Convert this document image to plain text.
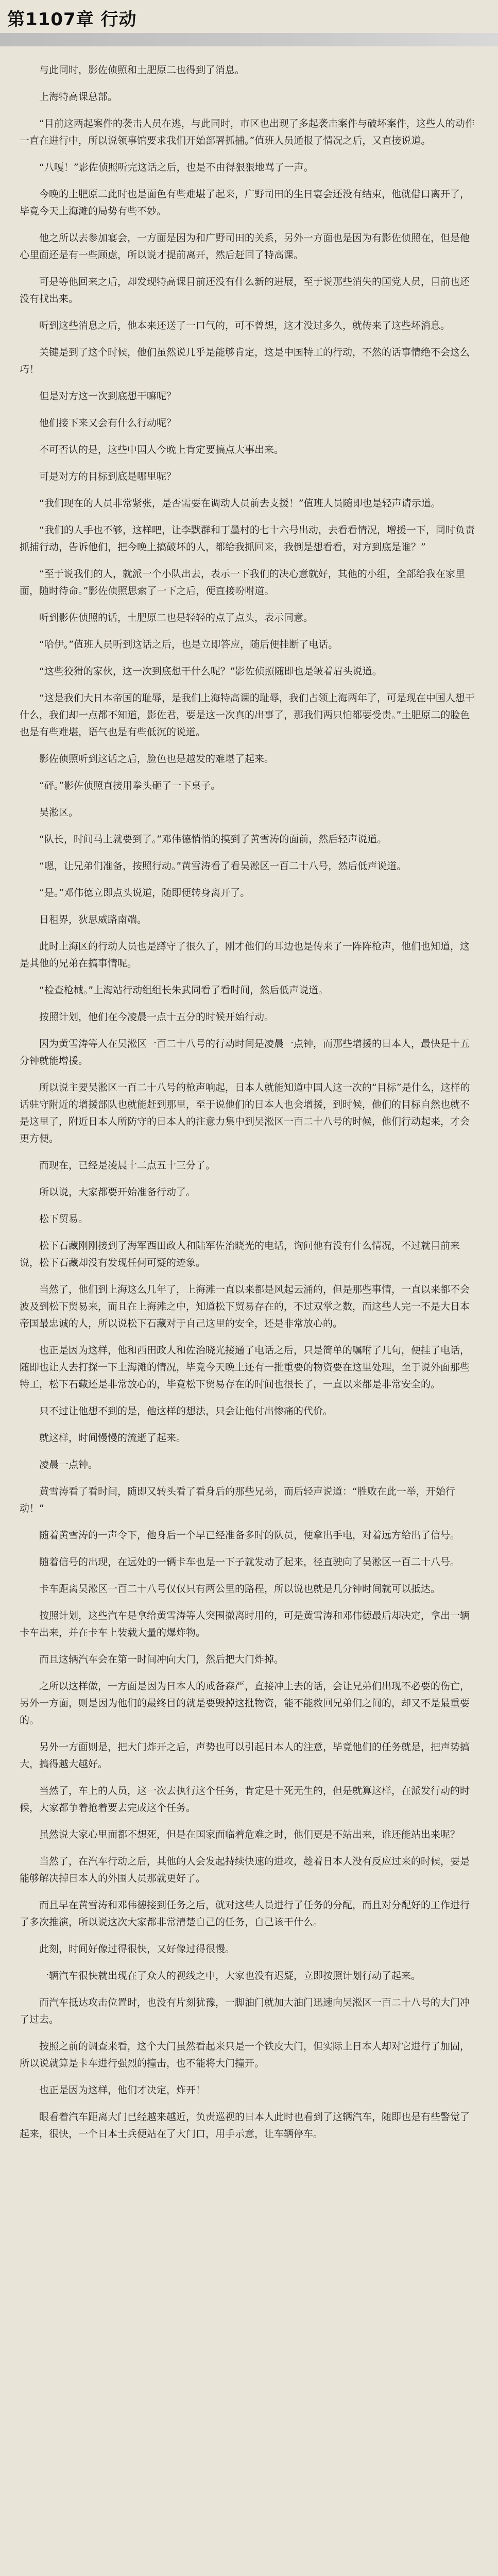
第1107章 行动

与此同时，影佐侦照和土肥原二也得到了消息。

上海特高课总部。

“目前这两起案件的袭击人员在逃，与此同时，市区也出现了多起袭击案件与破坏案件，这些人的动作一直在进行中，所以说领事馆要求我们开始部署抓捕。”值班人员通报了情况之后，又直接说道。

“八嘎！”影佐侦照听完这话之后，也是不由得狠狠地骂了一声。

今晚的土肥原二此时也是面色有些难堪了起来，广野司田的生日宴会还没有结束，他就借口离开了，毕竟今天上海滩的局势有些不妙。

他之所以去参加宴会，一方面是因为和广野司田的关系，另外一方面也是因为有影佐侦照在，但是他心里面还是有一些顾虑，所以说才提前离开，然后赶回了特高课。

可是等他回来之后，却发现特高课目前还没有什么新的进展，至于说那些消失的国党人员，目前也还没有找出来。

听到这些消息之后，他本来还送了一口气的，可不曾想，这才没过多久，就传来了这些坏消息。

关键是到了这个时候，他们虽然说几乎是能够肯定，这是中国特工的行动，不然的话事情绝不会这么巧！

但是对方这一次到底想干嘛呢？

他们接下来又会有什么行动呢？

不可否认的是，这些中国人今晚上肯定要搞点大事出来。

可是对方的目标到底是哪里呢？

“我们现在的人员非常紧张，是否需要在调动人员前去支援！”值班人员随即也是轻声请示道。

“我们的人手也不够，这样吧，让李默群和丁墨村的七十六号出动，去看看情况，增援一下，同时负责抓捕行动，告诉他们，把今晚上搞破坏的人，都给我抓回来，我倒是想看看，对方到底是谁？”

“至于说我们的人，就派一个小队出去，表示一下我们的决心意就好，其他的小组，全部给我在家里面，随时待命。”影佐侦照思索了一下之后，便直接吩咐道。

听到影佐侦照的话，土肥原二也是轻轻的点了点头，表示同意。

“哈伊。”值班人员听到这话之后，也是立即答应，随后便挂断了电话。

“这些狡猾的家伙，这一次到底想干什么呢？”影佐侦照随即也是皱着眉头说道。

“这是我们大日本帝国的耻辱，是我们上海特高课的耻辱，我们占领上海两年了，可是现在中国人想干什么，我们却一点都不知道，影佐君，要是这一次真的出事了，那我们两只怕都要受责。”土肥原二的脸色也是有些难堪，语气也是有些低沉的说道。

影佐侦照听到这话之后，脸色也是越发的难堪了起来。

“砰。”影佐侦照直接用拳头砸了一下桌子。

吴淞区。

“队长，时间马上就要到了。”邓伟德悄悄的摸到了黄雪涛的面前，然后轻声说道。

“嗯，让兄弟们准备，按照行动。”黄雪涛看了看吴淞区一百二十八号，然后低声说道。

“是。”邓伟德立即点头说道，随即便转身离开了。

日租界，狄思威路南端。

此时上海区的行动人员也是蹲守了很久了，刚才他们的耳边也是传来了一阵阵枪声，他们也知道，这是其他的兄弟在搞事情呢。

“检查枪械。”上海站行动组组长朱武同看了看时间，然后低声说道。

按照计划，他们在今凌晨一点十五分的时候开始行动。

因为黄雪涛等人在吴淞区一百二十八号的行动时间是凌晨一点钟，而那些增援的日本人，最快是十五分钟就能增援。

所以说主要吴淞区一百二十八号的枪声响起，日本人就能知道中国人这一次的“目标”是什么，这样的话驻守附近的增援部队也就能赶到那里，至于说他们的日本人也会增援，到时候，他们的目标自然也就不是这里了，附近日本人所防守的日本人的注意力集中到吴淞区一百二十八号的时候，他们行动起来，才会更方便。

而现在，已经是凌晨十二点五十三分了。

所以说，大家都要开始准备行动了。

松下贸易。

松下石藏刚刚接到了海军西田政人和陆军佐治晓光的电话，询问他有没有什么情况，不过就目前来说，松下石藏却没有发现任何可疑的迹象。

当然了，他们到上海这么几年了，上海滩一直以来都是风起云涌的，但是那些事情，一直以来都不会波及到松下贸易来，而且在上海滩之中，知道松下贸易存在的，不过双掌之数，而这些人完一不是大日本帝国最忠诚的人，所以说松下石藏对于自己这里的安全，还是非常放心的。

也正是因为这样，他和西田政人和佐治晓光接通了电话之后，只是简单的嘱咐了几句，便挂了电话，随即也让人去打探一下上海滩的情况，毕竟今天晚上还有一批重要的物资要在这里处理，至于说外面那些特工，松下石藏还是非常放心的，毕竟松下贸易存在的时间也很长了，一直以来都是非常安全的。

只不过让他想不到的是，他这样的想法，只会让他付出惨痛的代价。

就这样，时间慢慢的流逝了起来。

凌晨一点钟。

黄雪涛看了看时间，随即又转头看了看身后的那些兄弟，而后轻声说道：“胜败在此一举，开始行动！”

随着黄雪涛的一声令下，他身后一个早已经准备多时的队员，便拿出手电，对着远方给出了信号。

随着信号的出现，在远处的一辆卡车也是一下子就发动了起来，径直驶向了吴淞区一百二十八号。

卡车距离吴淞区一百二十八号仅仅只有两公里的路程，所以说也就是几分钟时间就可以抵达。

按照计划，这些汽车是拿给黄雪涛等人突围撤离时用的，可是黄雪涛和邓伟德最后却决定，拿出一辆卡车出来，并在卡车上装载大量的爆炸物。

而且这辆汽车会在第一时间冲向大门，然后把大门炸掉。

之所以这样做，一方面是因为日本人的戒备森严，直接冲上去的话，会让兄弟们出现不必要的伤亡，另外一方面，则是因为他们的最终目的就是要毁掉这批物资，能不能救回兄弟们之间的，却又不是最重要的。

另外一方面则是，把大门炸开之后，声势也可以引起日本人的注意，毕竟他们的任务就是，把声势搞大，搞得越大越好。

当然了，车上的人员，这一次去执行这个任务，肯定是十死无生的，但是就算这样，在派发行动的时候，大家都争着抢着要去完成这个任务。

虽然说大家心里面都不想死，但是在国家面临着危难之时，他们更是不站出来，谁还能站出来呢？

当然了，在汽车行动之后，其他的人会发起持续快速的进攻，趁着日本人没有反应过来的时候，要是能够解决掉日本人的外围人员那就更好了。

而且早在黄雪涛和邓伟德接到任务之后，就对这些人员进行了任务的分配，而且对分配好的工作进行了多次推演，所以说这次大家都非常清楚自己的任务，自己该干什么。

此刻，时间好像过得很快，又好像过得很慢。

一辆汽车很快就出现在了众人的视线之中，大家也没有迟疑，立即按照计划行动了起来。

而汽车抵达攻击位置时，也没有片刻犹豫，一脚油门就加大油门迅速向吴淞区一百二十八号的大门冲了过去。

按照之前的调查来看，这个大门虽然看起来只是一个铁皮大门，但实际上日本人却对它进行了加固，所以说就算是卡车进行强烈的撞击，也不能将大门撞开。

也正是因为这样，他们才决定，炸开！

眼看着汽车距离大门已经越来越近，负责巡视的日本人此时也看到了这辆汽车，随即也是有些警觉了起来，很快，一个日本士兵便站在了大门口，用手示意，让车辆停车。
